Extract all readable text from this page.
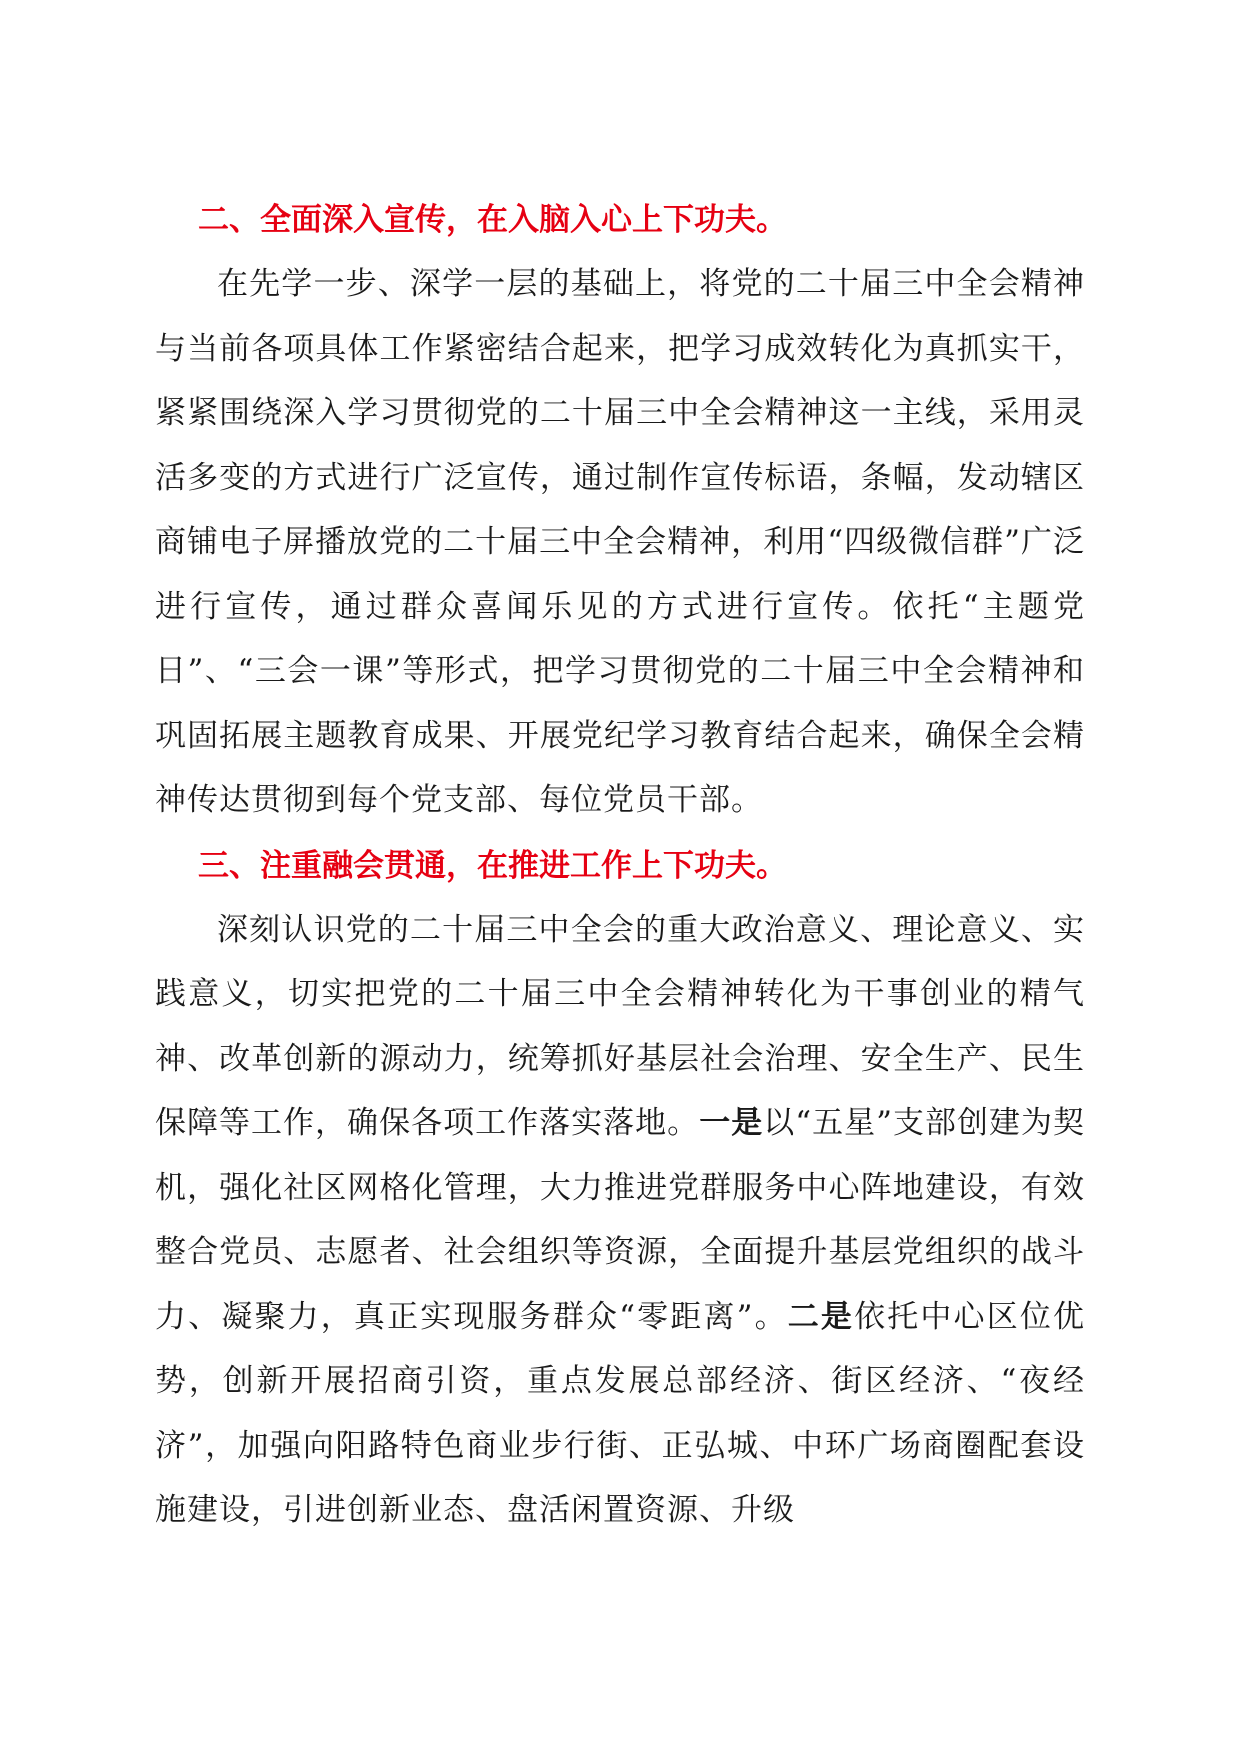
二、全面深入宣传，在入脑入心上下功夫。

在先学一步、深学一层的基础上，将党的二十届三中全会精神与当前各项具体工作紧密结合起来，把学习成效转化为真抓实干，紧紧围绕深入学习贯彻党的二十届三中全会精神这一主线，采用灵活多变的方式进行广泛宣传，通过制作宣传标语，条幅，发动辖区商铺电子屏播放党的二十届三中全会精神，利用“四级微信群”广泛进行宣传，通过群众喜闻乐见的方式进行宣传。依托“主题党日”、“三会一课”等形式，把学习贯彻党的二十届三中全会精神和巩固拓展主题教育成果、开展党纪学习教育结合起来，确保全会精神传达贯彻到每个党支部、每位党员干部。

三、注重融会贯通，在推进工作上下功夫。

深刻认识党的二十届三中全会的重大政治意义、理论意义、实践意义，切实把党的二十届三中全会精神转化为干事创业的精气神、改革创新的源动力，统筹抓好基层社会治理、安全生产、民生保障等工作，确保各项工作落实落地。一是以“五星”支部创建为契机，强化社区网格化管理，大力推进党群服务中心阵地建设，有效整合党员、志愿者、社会组织等资源，全面提升基层党组织的战斗力、凝聚力，真正实现服务群众“零距离”。二是依托中心区位优势，创新开展招商引资，重点发展总部经济、街区经济、“夜经济”，加强向阳路特色商业步行街、正弘城、中环广场商圈配套设施建设，引进创新业态、盘活闲置资源、升级
